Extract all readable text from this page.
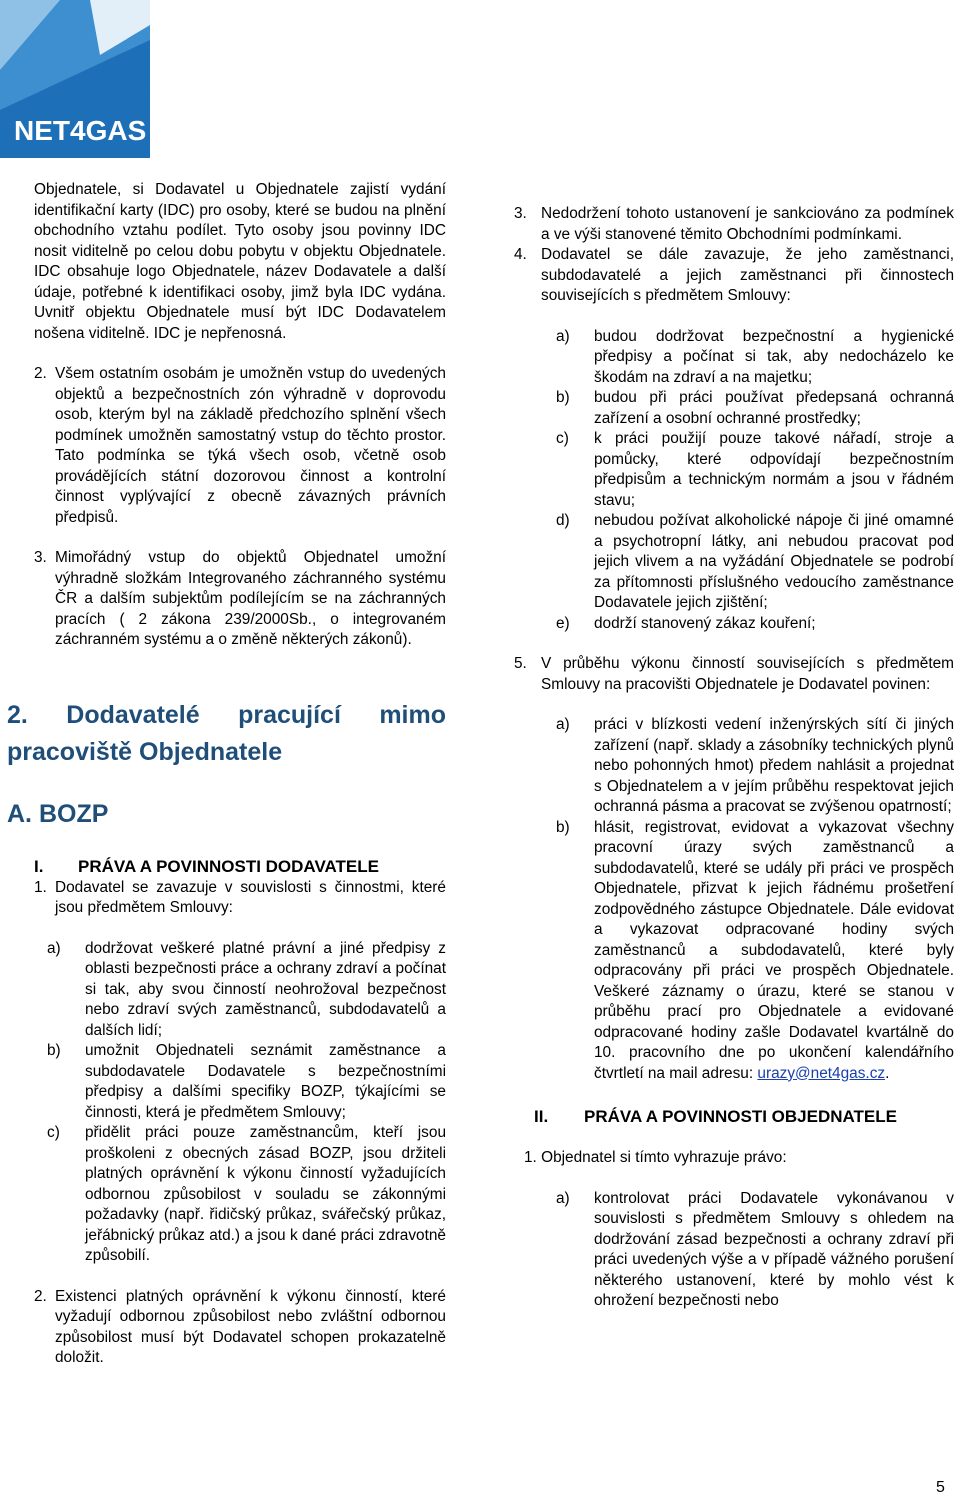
NET4GAS

Objednatele, si Dodavatel u Objednatele zajistí vydání identifikační karty (IDC) pro osoby, které se budou na plnění obchodního vztahu podílet. Tyto osoby jsou povinny IDC nosit viditelně po celou dobu pobytu v objektu Objednatele. IDC obsahuje logo Objednatele, název Dodavatele a další údaje, potřebné k identifikaci osoby, jimž byla IDC vydána. Uvnitř objektu Objednatele musí být IDC Dodavatelem nošena viditelně. IDC je nepřenosná.

2. Všem ostatním osobám je umožněn vstup do uvedených objektů a bezpečnostních zón výhradně v doprovodu osob, kterým byl na základě předchozího splnění všech podmínek umožněn samostatný vstup do těchto prostor. Tato podmínka se týká všech osob, včetně osob provádějících státní dozorovou činnost a kontrolní činnost vyplývající z obecně závazných právních předpisů.
3. Mimořádný vstup do objektů Objednatel umožní výhradně složkám Integrovaného záchranného systému ČR a dalším subjektům podílejícím se na záchranných pracích ( 2 zákona 239/2000Sb., o integrovaném záchranném systému a o změně některých zákonů).
2. Dodavatelé pracující mimo pracoviště Objednatele
A. BOZP
I.	PRÁVA A POVINNOSTI DODAVATELE
1. Dodavatel se zavazuje v souvislosti s činnostmi, které jsou předmětem Smlouvy:
a)	dodržovat veškeré platné právní a jiné předpisy z oblasti bezpečnosti práce a ochrany zdraví a počínat si tak, aby svou činností neohrožoval bezpečnost nebo zdraví svých zaměstnanců, subdodavatelů a dalších lidí;
b)	umožnit Objednateli seznámit zaměstnance a subdodavatele Dodavatele s bezpečnostními předpisy a dalšími specifiky BOZP, týkajícími se činnosti, která je předmětem Smlouvy;
c)	přidělit práci pouze zaměstnancům, kteří jsou proškoleni z obecných zásad BOZP, jsou držiteli platných oprávnění k výkonu činností vyžadujících odbornou způsobilost v souladu se zákonnými požadavky (např. řidičský průkaz, svářečský průkaz, jeřábnický průkaz atd.) a jsou k dané práci zdravotně způsobilí.
2. Existenci platných oprávnění k výkonu činností, které vyžadují odbornou způsobilost nebo zvláštní odbornou způsobilost musí být Dodavatel schopen prokazatelně doložit.
3. Nedodržení tohoto ustanovení je sankciováno za podmínek a ve výši stanovené těmito Obchodními podmínkami.
4. Dodavatel se dále zavazuje, že jeho zaměstnanci, subdodavatelé a jejich zaměstnanci při činnostech souvisejících s předmětem Smlouvy:
a)	budou dodržovat bezpečnostní a hygienické předpisy a počínat si tak, aby nedocházelo ke škodám na zdraví a na majetku;
b)	budou při práci používat předepsaná ochranná zařízení a osobní ochranné prostředky;
c)	k práci použijí pouze takové nářadí, stroje a pomůcky, které odpovídají bezpečnostním předpisům a technickým normám a jsou v řádném stavu;
d)	nebudou požívat alkoholické nápoje či jiné omamné a psychotropní látky, ani nebudou pracovat pod jejich vlivem a na vyžádání Objednatele se podrobí za přítomnosti příslušného vedoucího zaměstnance Dodavatele jejich zjištění;
e)	dodrží stanovený zákaz kouření;
5. V průběhu výkonu činností souvisejících s předmětem Smlouvy na pracovišti Objednatele je Dodavatel povinen:
a)	práci v blízkosti vedení inženýrských sítí či jiných zařízení (např. sklady a zásobníky technických plynů nebo pohonných hmot) předem nahlásit a projednat s Objednatelem a v jejím průběhu respektovat jejich ochranná pásma a pracovat se zvýšenou opatrností;
b)	hlásit, registrovat, evidovat a vykazovat všechny pracovní úrazy svých zaměstnanců a subdodavatelů, které se udály při práci ve prospěch Objednatele, přizvat k jejich řádnému prošetření zodpovědného zástupce Objednatele. Dále evidovat a vykazovat odpracované hodiny svých zaměstnanců a subdodavatelů, které byly odpracovány při práci ve prospěch Objednatele. Veškeré záznamy o úrazu, které se stanou v průběhu prací pro Objednatele a evidované odpracované hodiny zašle Dodavatel kvartálně do 10. pracovního dne po ukončení kalendářního čtvrtletí na mail adresu: urazy@net4gas.cz.
II.	PRÁVA A POVINNOSTI OBJEDNATELE

1. Objednatel si tímto vyhrazuje právo:

a)	kontrolovat práci Dodavatele vykonávanou v souvislosti s předmětem Smlouvy s ohledem na dodržování zásad bezpečnosti a ochrany zdraví při práci uvedených výše a v případě vážného porušení některého ustanovení, které by mohlo vést k ohrožení bezpečnosti nebo
5
